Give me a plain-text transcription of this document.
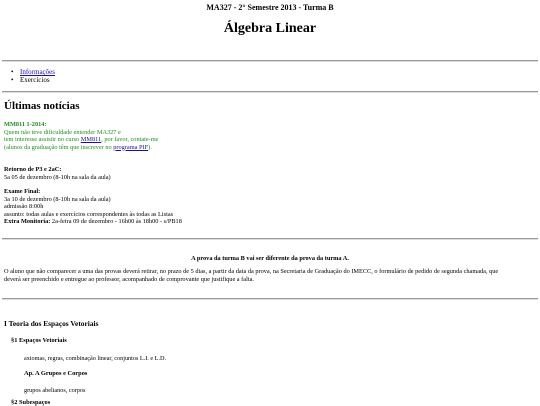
MA327 - 2° Semestre 2013 - Turma B
Álgebra Linear
• Informações
• Exercícios
Últimas notícias
MM811 1-2014:
Quem não teve dificuldade entender MA327 e
tem interesse assistir no curso MM811, por favor, contate-me
(alunos da graduação têm que inscrever no programa PIF).
Retorno de P3 e 2aC:
5a 05 de dezembro (8-10h na sala da aula)
Exame Final:
3a 10 de dezembro (8-10h na sala da aula)
admissão 8:00h
assunto: todas aulas e exercícios correspondentes às todas as Listas
Extra Monitoria: 2a-feira 09 de dezembro - 16h00 às 18h00 - s/PB18
A prova da turma B vai ser diferente da prova da turma A.
O aluno que não comparecer a uma das provas deverá retirar, no prazo de 5 dias, a partir da data da prova, na Secretaria de Graduação do IMECC, o formulário de pedido de segunda chamada, que
deverá ser preenchido e entregue ao professor, acompanhado de comprovante que justifique a falta.
I Teoria dos Espaços Vetoriais
§1 Espaços Vetoriais
axiomas, regras, combinação linear, conjuntos L.I. e L.D.
Ap. A Grupos e Corpos
grupos abelianos, corpos
§2 Subespaços
